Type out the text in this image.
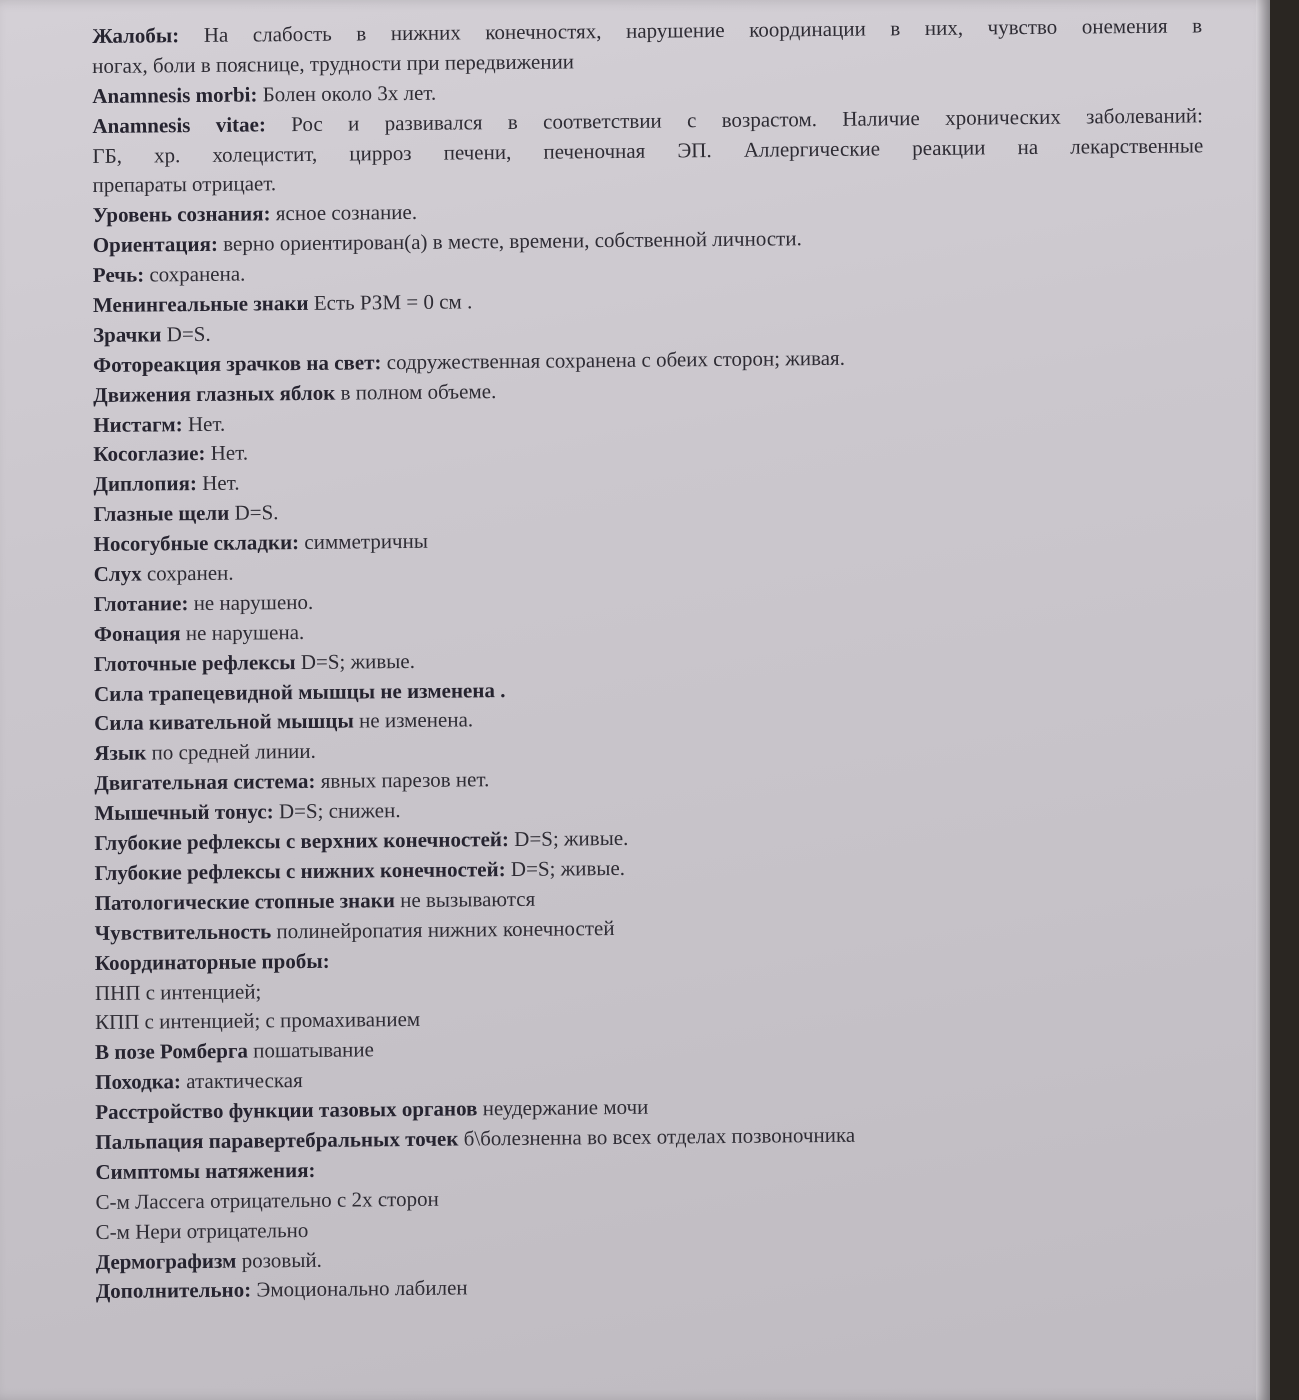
Жалобы: На слабость в нижних конечностях, нарушение координации в них, чувство онемения в
ногах, боли в пояснице, трудности при передвижении
Anamnesis morbi: Болен около 3х лет.
Anamnesis vitae: Рос и развивался в соответствии с возрастом. Наличие хронических заболеваний:
ГБ, хр. холецистит, цирроз печени, печеночная ЭП. Аллергические реакции на лекарственные
препараты отрицает.
Уровень сознания: ясное сознание.
Ориентация: верно ориентирован(а) в месте, времени, собственной личности.
Речь: сохранена.
Менингеальные знаки Есть РЗМ = 0 см .
Зрачки D=S.
Фотореакция зрачков на свет: содружественная сохранена с обеих сторон; живая.
Движения глазных яблок в полном объеме.
Нистагм: Нет.
Косоглазие: Нет.
Диплопия: Нет.
Глазные щели D=S.
Носогубные складки: симметричны
Слух сохранен.
Глотание: не нарушено.
Фонация не нарушена.
Глоточные рефлексы D=S; живые.
Сила трапецевидной мышцы не изменена .
Сила кивательной мышцы не изменена.
Язык по средней линии.
Двигательная система: явных парезов нет.
Мышечный тонус: D=S; снижен.
Глубокие рефлексы с верхних конечностей: D=S; живые.
Глубокие рефлексы с нижних конечностей: D=S; живые.
Патологические стопные знаки не вызываются
Чувствительность полинейропатия нижних конечностей
Координаторные пробы:
ПНП с интенцией;
КПП с интенцией; с промахиванием
В позе Ромберга пошатывание
Походка: атактическая
Расстройство функции тазовых органов неудержание мочи
Пальпация паравертебральных точек б\болезненна во всех отделах позвоночника
Симптомы натяжения:
С-м Лассега отрицательно с 2х сторон
С-м Нери отрицательно
Дермографизм розовый.
Дополнительно: Эмоционально лабилен
